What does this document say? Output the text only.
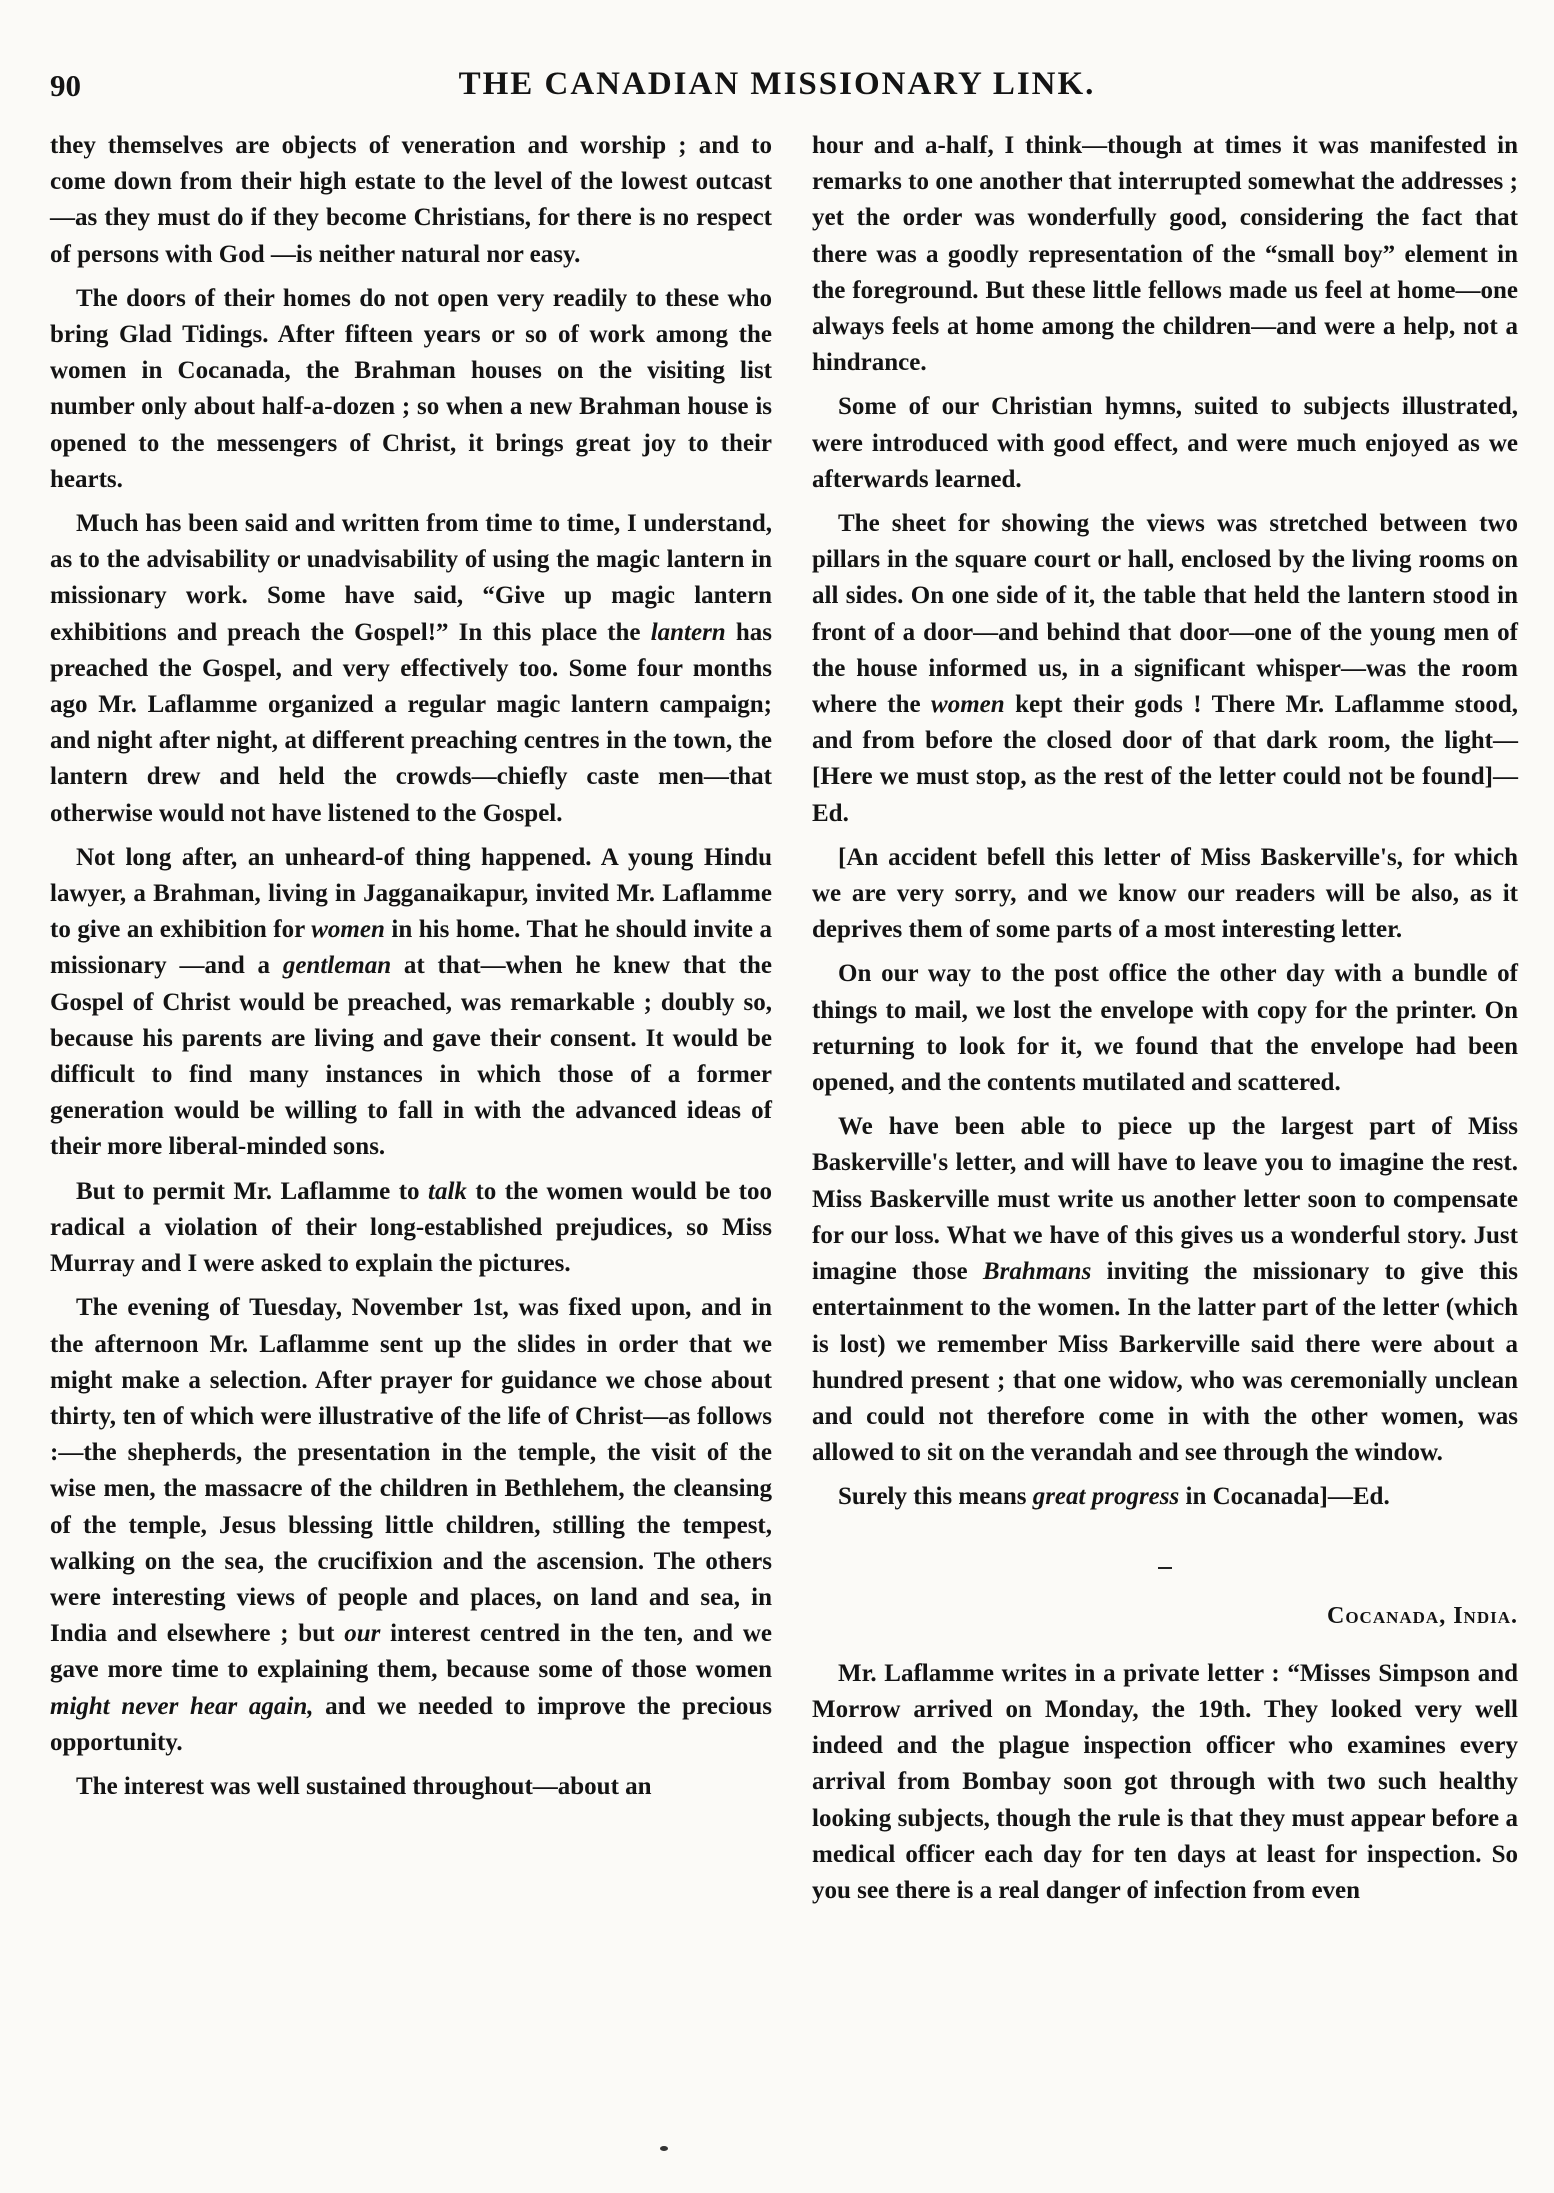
90	THE CANADIAN MISSIONARY LINK.

they themselves are objects of veneration and worship ; and to come down from their high estate to the level of the lowest outcast—as they must do if they become Christians, for there is no respect of persons with God —is neither natural nor easy.

The doors of their homes do not open very readily to these who bring Glad Tidings. After fifteen years or so of work among the women in Cocanada, the Brahman houses on the visiting list number only about half-a-dozen ; so when a new Brahman house is opened to the messengers of Christ, it brings great joy to their hearts.

Much has been said and written from time to time, I understand, as to the advisability or unadvisability of using the magic lantern in missionary work. Some have said, “Give up magic lantern exhibitions and preach the Gospel!” In this place the lantern has preached the Gospel, and very effectively too. Some four months ago Mr. Laflamme organized a regular magic lantern campaign; and night after night, at different preaching centres in the town, the lantern drew and held the crowds—chiefly caste men—that otherwise would not have listened to the Gospel.

Not long after, an unheard-of thing happened. A young Hindu lawyer, a Brahman, living in Jagganaikapur, invited Mr. Laflamme to give an exhibition for women in his home. That he should invite a missionary —and a gentleman at that—when he knew that the Gospel of Christ would be preached, was remarkable ; doubly so, because his parents are living and gave their consent. It would be difficult to find many instances in which those of a former generation would be willing to fall in with the advanced ideas of their more liberal-minded sons.

But to permit Mr. Laflamme to talk to the women would be too radical a violation of their long-established prejudices, so Miss Murray and I were asked to explain the pictures.

The evening of Tuesday, November 1st, was fixed upon, and in the afternoon Mr. Laflamme sent up the slides in order that we might make a selection. After prayer for guidance we chose about thirty, ten of which were illustrative of the life of Christ—as follows :—the shepherds, the presentation in the temple, the visit of the wise men, the massacre of the children in Bethlehem, the cleansing of the temple, Jesus blessing little children, stilling the tempest, walking on the sea, the crucifixion and the ascension. The others were interesting views of people and places, on land and sea, in India and elsewhere ; but our interest centred in the ten, and we gave more time to explaining them, because some of those women might never hear again, and we needed to improve the precious opportunity.

The interest was well sustained throughout—about an

hour and a-half, I think—though at times it was manifested in remarks to one another that interrupted somewhat the addresses ; yet the order was wonderfully good, considering the fact that there was a goodly representation of the “small boy” element in the foreground. But these little fellows made us feel at home—one always feels at home among the children—and were a help, not a hindrance.

Some of our Christian hymns, suited to subjects illustrated, were introduced with good effect, and were much enjoyed as we afterwards learned.

The sheet for showing the views was stretched between two pillars in the square court or hall, enclosed by the living rooms on all sides. On one side of it, the table that held the lantern stood in front of a door—and behind that door—one of the young men of the house informed us, in a significant whisper—was the room where the women kept their gods ! There Mr. Laflamme stood, and from before the closed door of that dark room, the light—[Here we must stop, as the rest of the letter could not be found]—Ed.

[An accident befell this letter of Miss Baskerville's, for which we are very sorry, and we know our readers will be also, as it deprives them of some parts of a most interesting letter.

On our way to the post office the other day with a bundle of things to mail, we lost the envelope with copy for the printer. On returning to look for it, we found that the envelope had been opened, and the contents mutilated and scattered.

We have been able to piece up the largest part of Miss Baskerville's letter, and will have to leave you to imagine the rest. Miss Baskerville must write us another letter soon to compensate for our loss. What we have of this gives us a wonderful story. Just imagine those Brahmans inviting the missionary to give this entertainment to the women. In the latter part of the letter (which is lost) we remember Miss Barkerville said there were about a hundred present ; that one widow, who was ceremonially unclean and could not therefore come in with the other women, was allowed to sit on the verandah and see through the window.

Surely this means great progress in Cocanada]—Ed.

Cocanada, India.

Mr. Laflamme writes in a private letter : “Misses Simpson and Morrow arrived on Monday, the 19th. They looked very well indeed and the plague inspection officer who examines every arrival from Bombay soon got through with two such healthy looking subjects, though the rule is that they must appear before a medical officer each day for ten days at least for inspection. So you see there is a real danger of infection from even
